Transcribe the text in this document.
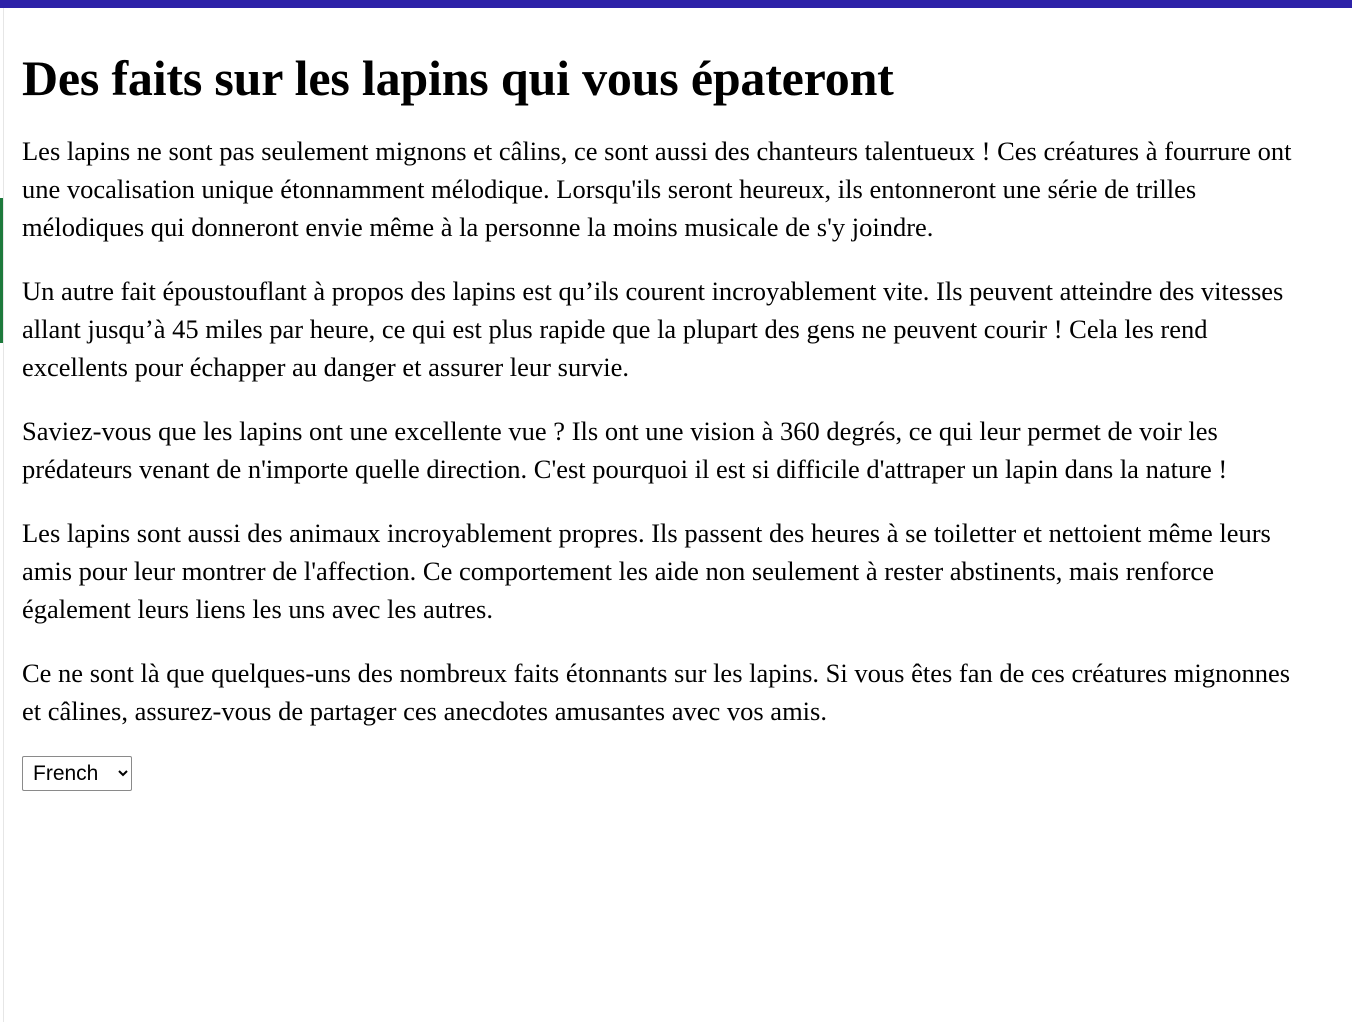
Des faits sur les lapins qui vous épateront

Les lapins ne sont pas seulement mignons et câlins, ce sont aussi des chanteurs talentueux ! Ces créatures à fourrure ont une vocalisation unique étonnamment mélodique. Lorsqu'ils seront heureux, ils entonneront une série de trilles mélodiques qui donneront envie même à la personne la moins musicale de s'y joindre.

Un autre fait époustouflant à propos des lapins est qu’ils courent incroyablement vite. Ils peuvent atteindre des vitesses allant jusqu’à 45 miles par heure, ce qui est plus rapide que la plupart des gens ne peuvent courir ! Cela les rend excellents pour échapper au danger et assurer leur survie.

Saviez-vous que les lapins ont une excellente vue ? Ils ont une vision à 360 degrés, ce qui leur permet de voir les prédateurs venant de n'importe quelle direction. C'est pourquoi il est si difficile d'attraper un lapin dans la nature !

Les lapins sont aussi des animaux incroyablement propres. Ils passent des heures à se toiletter et nettoient même leurs amis pour leur montrer de l'affection. Ce comportement les aide non seulement à rester abstinents, mais renforce également leurs liens les uns avec les autres.

Ce ne sont là que quelques-uns des nombreux faits étonnants sur les lapins. Si vous êtes fan de ces créatures mignonnes et câlines, assurez-vous de partager ces anecdotes amusantes avec vos amis.

French
